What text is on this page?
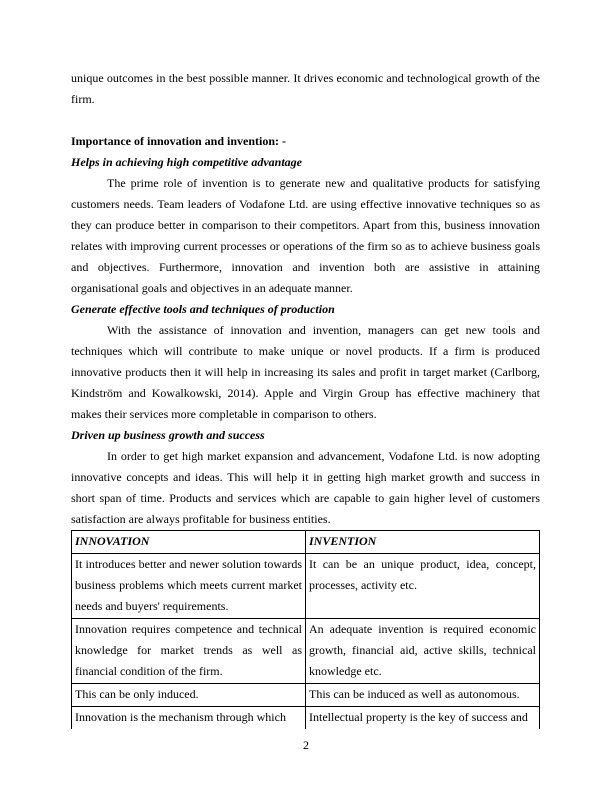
unique outcomes in the best possible manner. It drives economic and technological growth of the firm.

Importance of innovation and invention: -

Helps in achieving high competitive advantage

The prime role of invention is to generate new and qualitative products for satisfying customers needs. Team leaders of Vodafone Ltd. are using effective innovative techniques so as they can produce better in comparison to their competitors. Apart from this, business innovation relates with improving current processes or operations of the firm so as to achieve business goals and objectives. Furthermore, innovation and invention both are assistive in attaining organisational goals and objectives in an adequate manner.

Generate effective tools and techniques of production

With the assistance of innovation and invention, managers can get new tools and techniques which will contribute to make unique or novel products. If a firm is produced innovative products then it will help in increasing its sales and profit in target market (Carlborg, Kindström and Kowalkowski, 2014). Apple and Virgin Group has effective machinery that makes their services more completable in comparison to others.

Driven up business growth and success

In order to get high market expansion and advancement, Vodafone Ltd. is now adopting innovative concepts and ideas. This will help it in getting high market growth and success in short span of time. Products and services which are capable to gain higher level of customers satisfaction are always profitable for business entities.

INNOVATION	INVENTION
It introduces better and newer solution towards business problems which meets current market needs and buyers' requirements.	It can be an unique product, idea, concept, processes, activity etc.
Innovation requires competence and technical knowledge for market trends as well as financial condition of the firm.	An adequate invention is required economic growth, financial aid, active skills, technical knowledge etc.
This can be only induced.	This can be induced as well as autonomous.
Innovation is the mechanism through which	Intellectual property is the key of success and
2
